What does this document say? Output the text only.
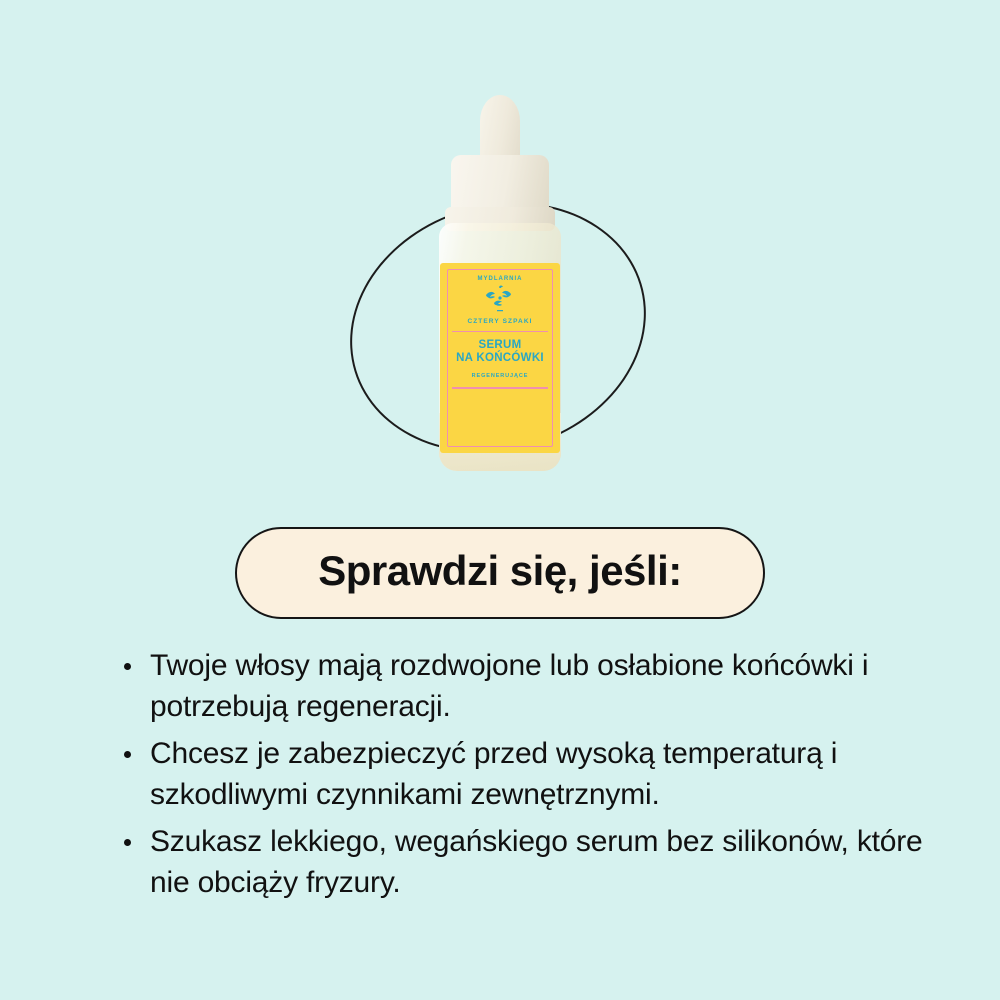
MYDLARNIA
CZTERY SZPAKI
SERUM
NA KOŃCÓWKI
REGENERUJĄCE
Sprawdzi się, jeśli:
Twoje włosy mają rozdwojone lub osłabione końcówki i potrzebują regeneracji.
Chcesz je zabezpieczyć przed wysoką temperaturą i szkodliwymi czynnikami zewnętrznymi.
Szukasz lekkiego, wegańskiego serum bez silikonów, które nie obciąży fryzury.
